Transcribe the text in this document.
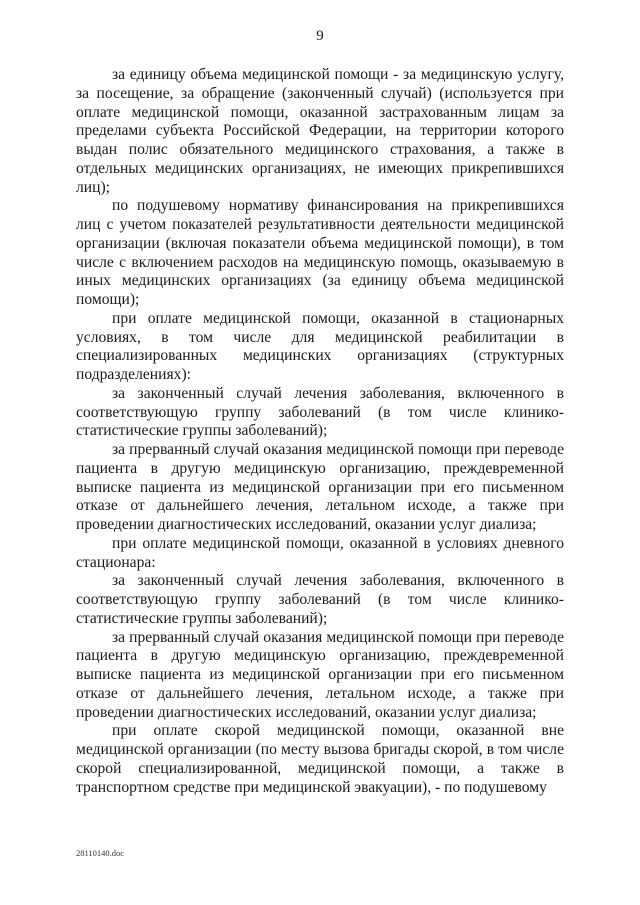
9

за единицу объема медицинской помощи - за медицинскую услугу, за посещение, за обращение (законченный случай) (используется при оплате медицинской помощи, оказанной застрахованным лицам за пределами субъекта Российской Федерации, на территории которого выдан полис обязательного медицинского страхования, а также в отдельных медицинских организациях, не имеющих прикрепившихся лиц);

по подушевому нормативу финансирования на прикрепившихся лиц с учетом показателей результативности деятельности медицинской организации (включая показатели объема медицинской помощи), в том числе с включением расходов на медицинскую помощь, оказываемую в иных медицинских организациях (за единицу объема медицинской помощи);

при оплате медицинской помощи, оказанной в стационарных условиях, в том числе для медицинской реабилитации в специализированных медицинских организациях (структурных подразделениях):

за законченный случай лечения заболевания, включенного в соответствующую группу заболеваний (в том числе клинико-статистические группы заболеваний);

за прерванный случай оказания медицинской помощи при переводе пациента в другую медицинскую организацию, преждевременной выписке пациента из медицинской организации при его письменном отказе от дальнейшего лечения, летальном исходе, а также при проведении диагностических исследований, оказании услуг диализа;

при оплате медицинской помощи, оказанной в условиях дневного стационара:

за законченный случай лечения заболевания, включенного в соответствующую группу заболеваний (в том числе клинико-статистические группы заболеваний);

за прерванный случай оказания медицинской помощи при переводе пациента в другую медицинскую организацию, преждевременной выписке пациента из медицинской организации при его письменном отказе от дальнейшего лечения, летальном исходе, а также при проведении диагностических исследований, оказании услуг диализа;

при оплате скорой медицинской помощи, оказанной вне медицинской организации (по месту вызова бригады скорой, в том числе скорой специализированной, медицинской помощи, а также в транспортном средстве при медицинской эвакуации), - по подушевому

28110140.doc
